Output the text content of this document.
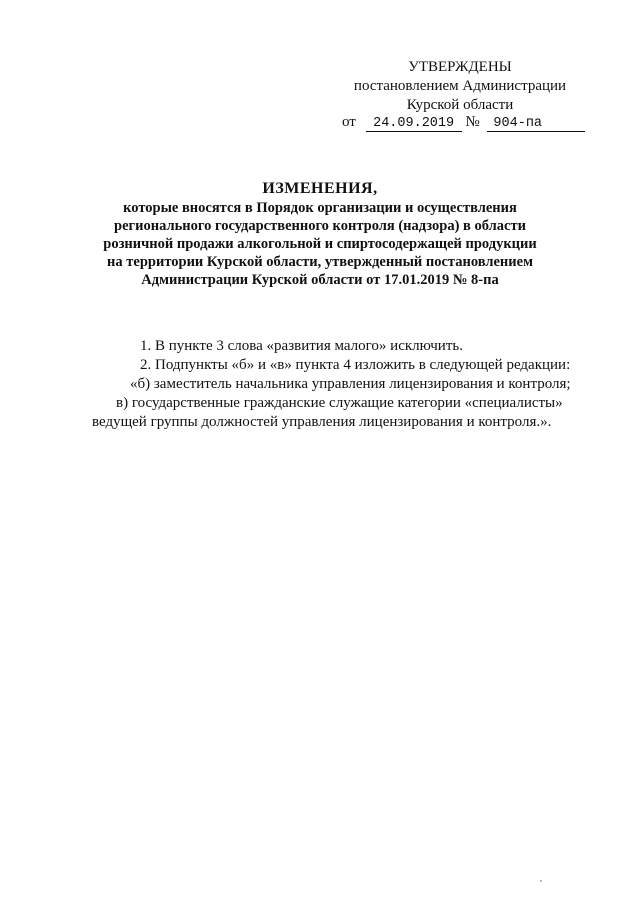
УТВЕРЖДЕНЫ
постановлением Администрации
Курской области
от 24.09.2019 № 904-па
ИЗМЕНЕНИЯ,
которые вносятся в Порядок организации и осуществления
регионального государственного контроля (надзора) в области
розничной продажи алкогольной и спиртосодержащей продукции
на территории Курской области, утвержденный постановлением
Администрации Курской области от 17.01.2019 № 8-па
1. В пункте 3 слова «развития малого» исключить.
2. Подпункты «б» и «в» пункта 4 изложить в следующей редакции:
«б) заместитель начальника управления лицензирования и контроля;
в) государственные гражданские служащие категории «специалисты»
ведущей группы должностей управления лицензирования и контроля.».
